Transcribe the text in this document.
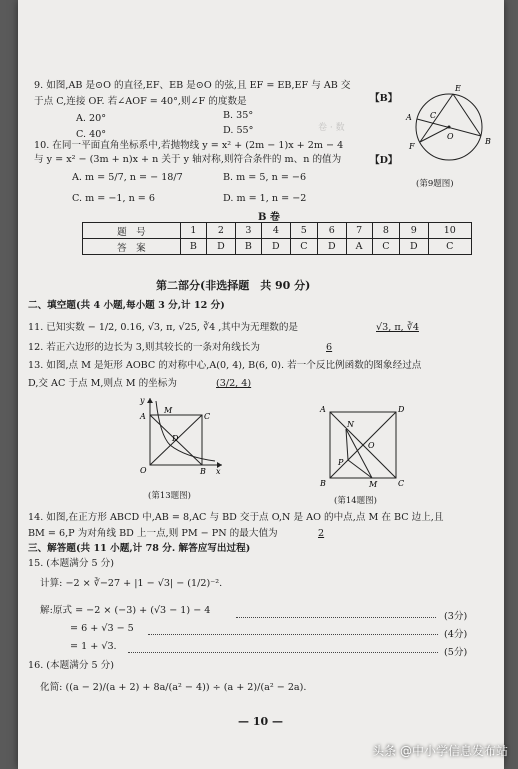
卷 · 数
9. 如图,AB 是⊙O 的直径,EF、EB 是⊙O 的弦,且 EF = EB,EF 与 AB 交
于点 C,连接 OF. 若∠AOF = 40°,则∠F 的度数是	【B】
A. 20°	B. 35°
C. 40°	D. 55°
E
A C
O
B
F
(第9题图)
10. 在同一平面直角坐标系中,若抛物线 y = x² + (2m − 1)x + 2m − 4
与 y = x² − (3m + n)x + n 关于 y 轴对称,则符合条件的 m、n 的值为	【D】
A. m = 5/7, n = − 18/7	B. m = 5, n = −6
C. m = −1, n = 6	D. m = 1, n = −2
B 卷
题　号	1	2	3	4	5	6	7	8	9	10
答　案	B	D	B	D	C	D	A	C	D	C
第二部分(非选择题　共 90 分)
二、填空题(共 4 小题,每小题 3 分,计 12 分)
11. 已知实数 − 1/2, 0.16, √3, π, √25, ∛4 ,其中为无理数的是	√3, π, ∛4
12. 若正六边形的边长为 3,则其较长的一条对角线长为	6
13. 如图,点 M 是矩形 AOBC 的对称中心,A(0, 4), B(6, 0). 若一个反比例函数的图象经过点
D,交 AC 于点 M,则点 M 的坐标为	(3/2, 4)
y
A
M
C
D
O	B x
(第13题图)
A
N
D
O
P
B	M	C
(第14题图)
14. 如图,在正方形 ABCD 中,AB = 8,AC 与 BD 交于点 O,N 是 AO 的中点,点 M 在 BC 边上,且
BM = 6,P 为对角线 BD 上一点,则 PM − PN 的最大值为	2
三、解答题(共 11 小题,计 78 分. 解答应写出过程)
15. (本题满分 5 分)
计算: −2 × ∛−27 + |1 − √3| − (1/2)⁻².
解:原式 = −2 × (−3) + (√3 − 1) − 4
(3分)
= 6 + √3 − 5
(4分)
= 1 + √3.
(5分)
16. (本题满分 5 分)
化简: ((a − 2)/(a + 2) + 8a/(a² − 4)) ÷ (a + 2)/(a² − 2a).
— 10 —
头条 @中小学信息发布站
